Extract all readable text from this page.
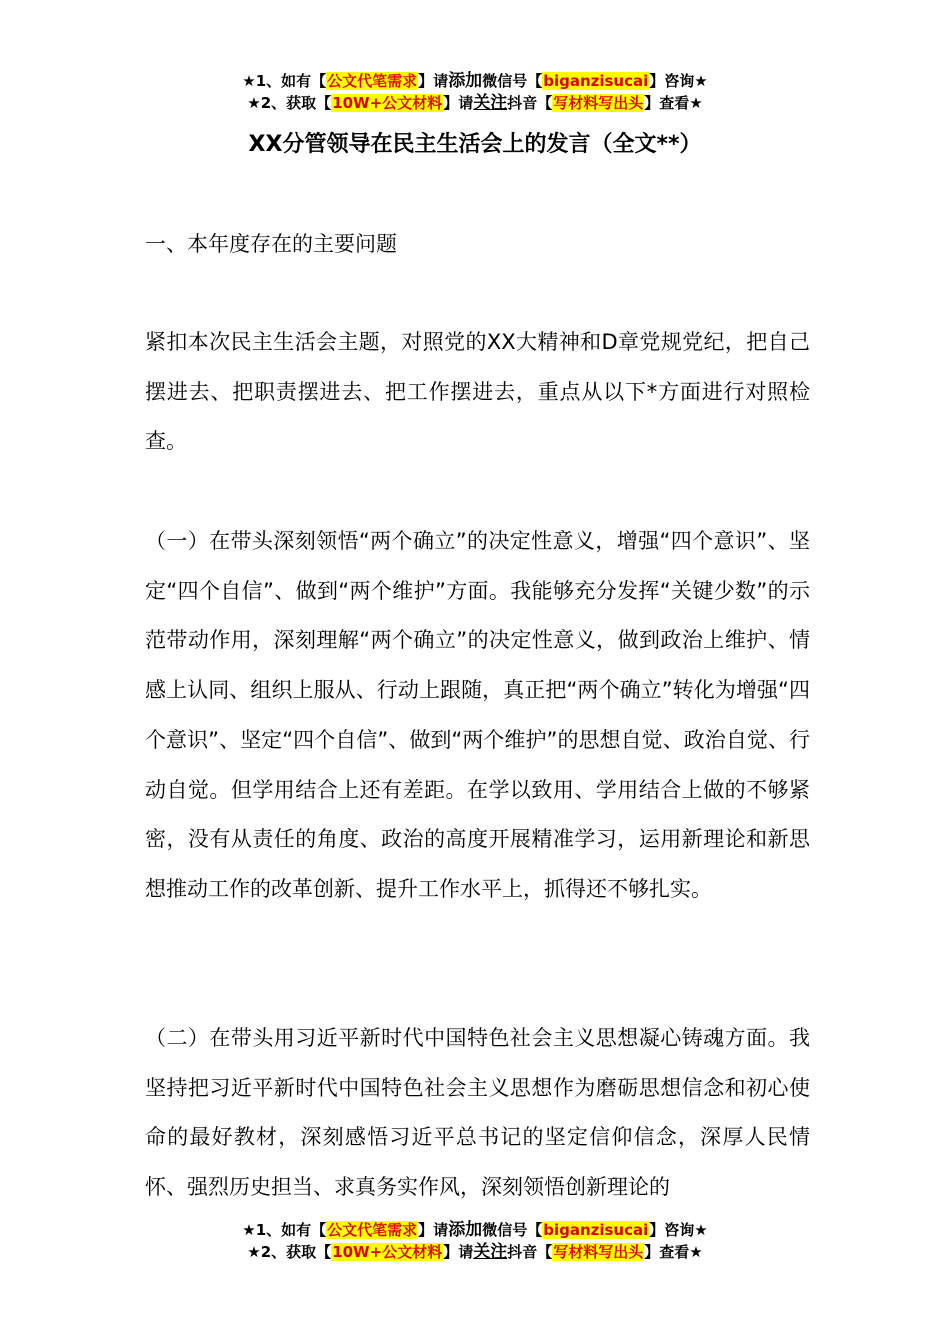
★1、如有【公文代笔需求】请添加微信号【biganzisucai】咨询★
★2、获取【10W+公文材料】请关注抖音【写材料写出头】查看★
XX分管领导在民主生活会上的发言（全文**）

一、本年度存在的主要问题

紧扣本次民主生活会主题，对照党的XX大精神和D章党规党纪，把自己摆进去、把职责摆进去、把工作摆进去，重点从以下*方面进行对照检查。

（一）在带头深刻领悟“两个确立”的决定性意义，增强“四个意识”、坚定“四个自信”、做到“两个维护”方面。我能够充分发挥“关键少数”的示范带动作用，深刻理解“两个确立”的决定性意义，做到政治上维护、情感上认同、组织上服从、行动上跟随，真正把“两个确立”转化为增强“四个意识”、坚定“四个自信”、做到“两个维护”的思想自觉、政治自觉、行动自觉。但学用结合上还有差距。在学以致用、学用结合上做的不够紧密，没有从责任的角度、政治的高度开展精准学习，运用新理论和新思想推动工作的改革创新、提升工作水平上，抓得还不够扎实。

（二）在带头用习近平新时代中国特色社会主义思想凝心铸魂方面。我坚持把习近平新时代中国特色社会主义思想作为磨砺思想信念和初心使命的最好教材，深刻感悟习近平总书记的坚定信仰信念，深厚人民情怀、强烈历史担当、求真务实作风，深刻领悟创新理论的

★1、如有【公文代笔需求】请添加微信号【biganzisucai】咨询★
★2、获取【10W+公文材料】请关注抖音【写材料写出头】查看★
